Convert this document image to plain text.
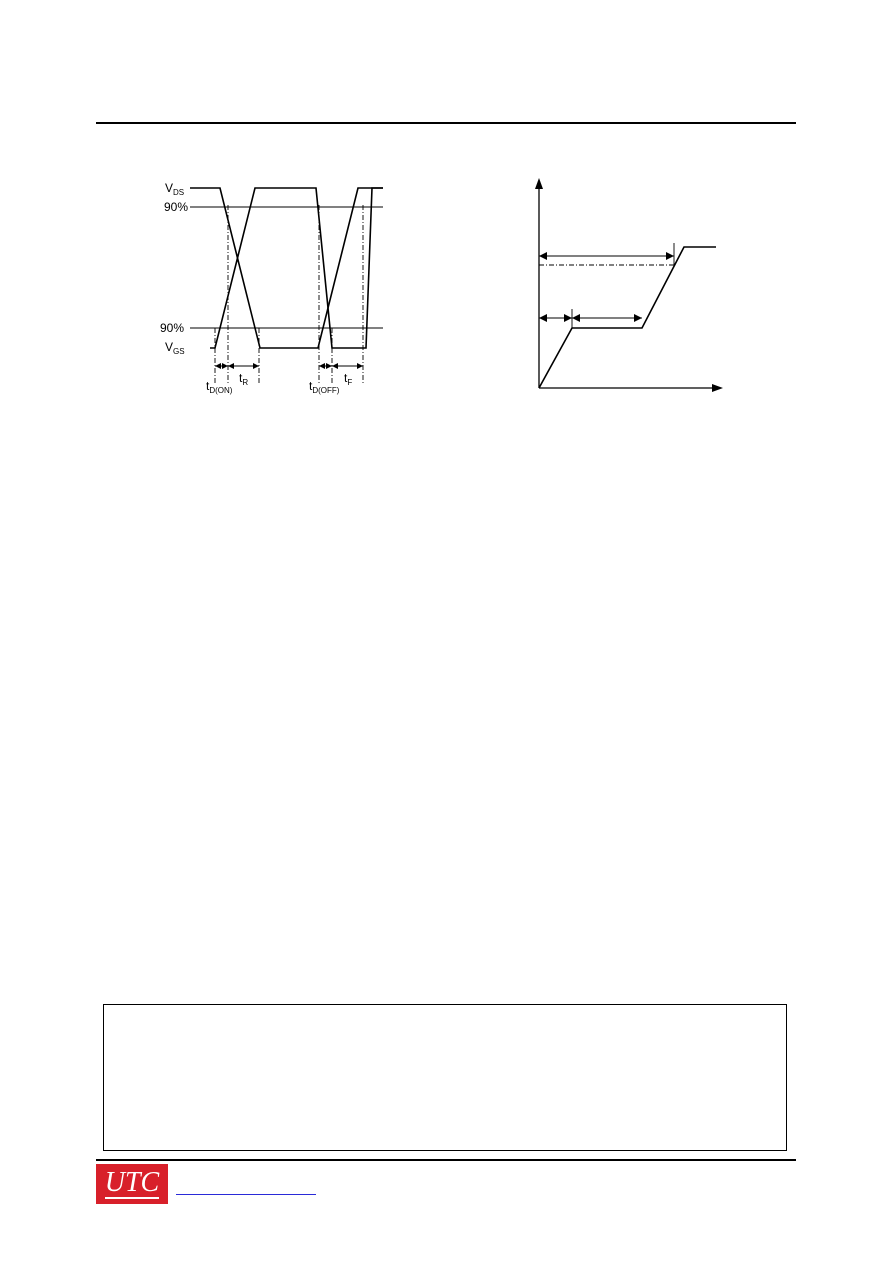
$V_{DS}$
90%
90%
$V_{GS}$
$t_{D(ON)}$
$t_R$	$t_{D(OFF)}$
$t_F$
UTC
